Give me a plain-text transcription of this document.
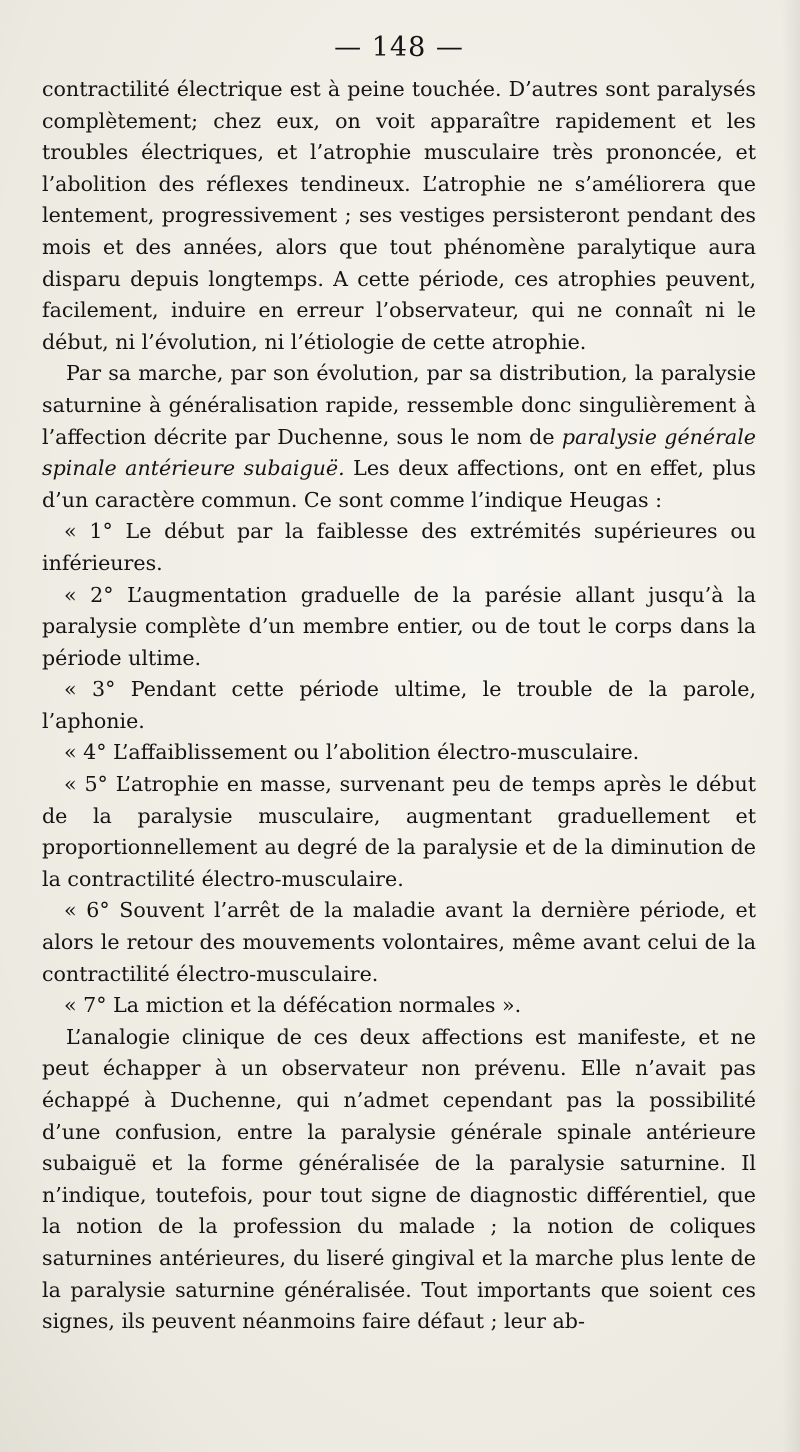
— 148 —

contractilité électrique est à peine touchée. D’autres sont paralysés complètement; chez eux, on voit apparaître rapidement et les troubles électriques, et l’atrophie musculaire très prononcée, et l’abolition des réflexes tendineux. L’atrophie ne s’améliorera que lentement, progressivement ; ses vestiges persisteront pendant des mois et des années, alors que tout phénomène paralytique aura disparu depuis longtemps. A cette période, ces atrophies peuvent, facilement, induire en erreur l’observateur, qui ne connaît ni le début, ni l’évolution, ni l’étiologie de cette atrophie.

Par sa marche, par son évolution, par sa distribution, la paralysie saturnine à généralisation rapide, ressemble donc singulièrement à l’affection décrite par Duchenne, sous le nom de paralysie générale spinale antérieure subaiguë. Les deux affections, ont en effet, plus d’un caractère commun. Ce sont comme l’indique Heugas :

« 1° Le début par la faiblesse des extrémités supérieures ou inférieures.

« 2° L’augmentation graduelle de la parésie allant jusqu’à la paralysie complète d’un membre entier, ou de tout le corps dans la période ultime.

« 3° Pendant cette période ultime, le trouble de la parole, l’aphonie.

« 4° L’affaiblissement ou l’abolition électro-musculaire.

« 5° L’atrophie en masse, survenant peu de temps après le début de la paralysie musculaire, augmentant graduellement et proportionnellement au degré de la paralysie et de la diminution de la contractilité électro-musculaire.

« 6° Souvent l’arrêt de la maladie avant la dernière période, et alors le retour des mouvements volontaires, même avant celui de la contractilité électro-musculaire.

« 7° La miction et la défécation normales ».

L’analogie clinique de ces deux affections est manifeste, et ne peut échapper à un observateur non prévenu. Elle n’avait pas échappé à Duchenne, qui n’admet cependant pas la possibilité d’une confusion, entre la paralysie générale spinale antérieure subaiguë et la forme généralisée de la paralysie saturnine. Il n’indique, toutefois, pour tout signe de diagnostic différentiel, que la notion de la profession du malade ; la notion de coliques saturnines antérieures, du liseré gingival et la marche plus lente de la paralysie saturnine généralisée. Tout importants que soient ces signes, ils peuvent néanmoins faire défaut ; leur ab-
